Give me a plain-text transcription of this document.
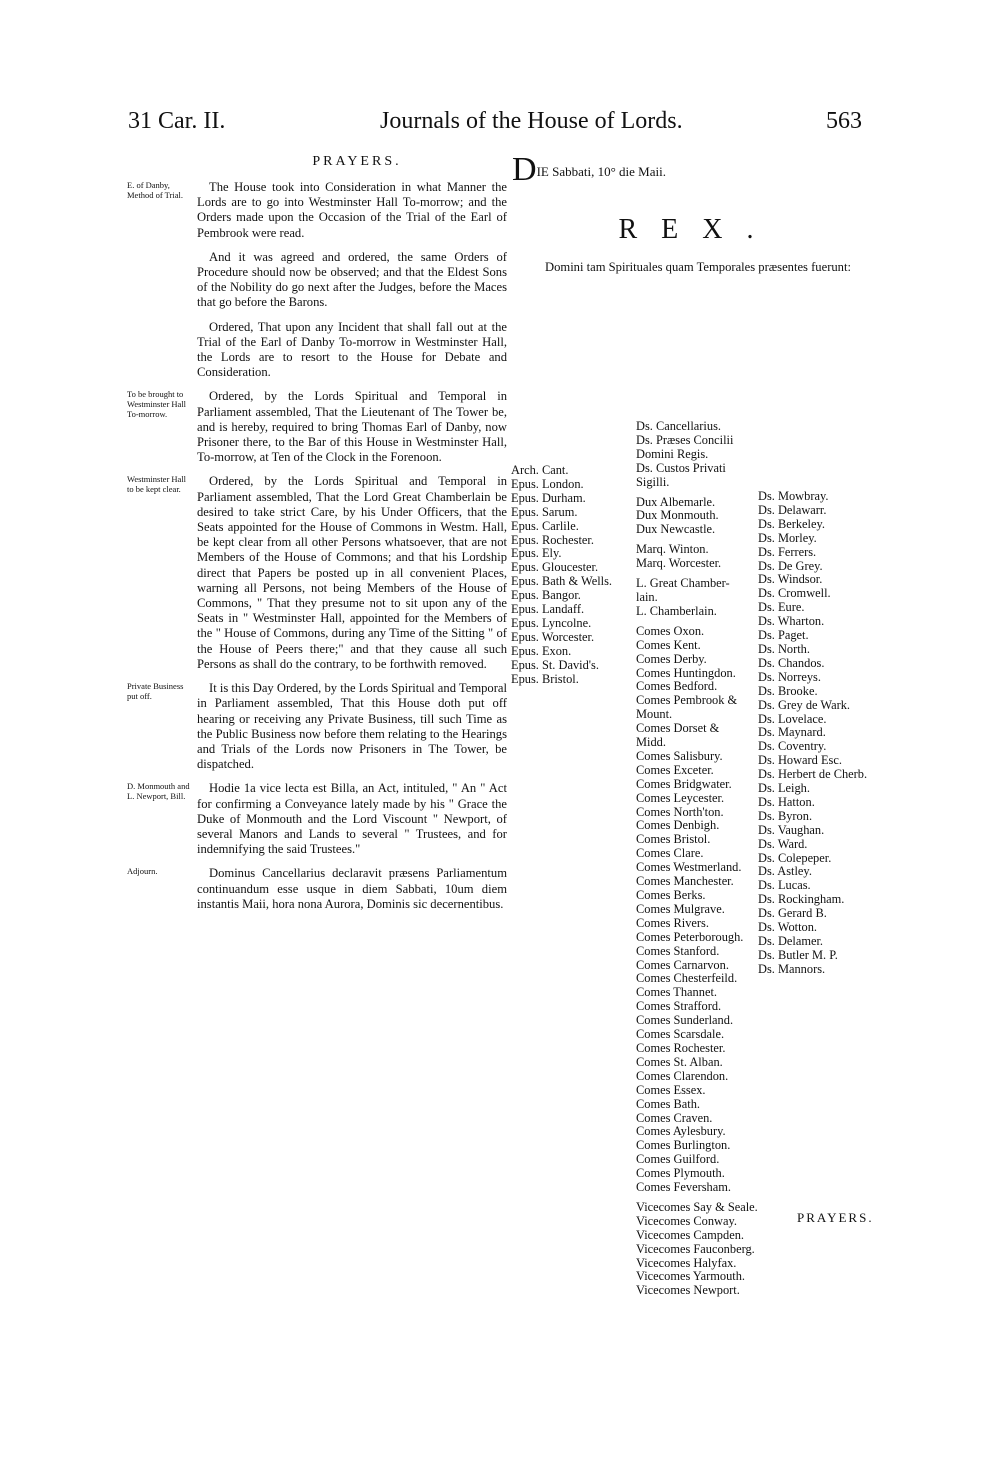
31 Car. II.	Journals of the House of Lords.	563
PRAYERS.
E. of Danby, Method of Trial.
The House took into Consideration in what Manner the Lords are to go into Westminster Hall To-morrow; and the Orders made upon the Occasion of the Trial of the Earl of Pembrook were read.
And it was agreed and ordered, the same Orders of Procedure should now be observed; and that the Eldest Sons of the Nobility do go next after the Judges, before the Maces that go before the Barons.
Ordered, That upon any Incident that shall fall out at the Trial of the Earl of Danby To-morrow in Westminster Hall, the Lords are to resort to the House for Debate and Consideration.
To be brought to Westminster Hall To-morrow.
Ordered, by the Lords Spiritual and Temporal in Parliament assembled, That the Lieutenant of The Tower be, and is hereby, required to bring Thomas Earl of Danby, now Prisoner there, to the Bar of this House in Westminster Hall, To-morrow, at Ten of the Clock in the Forenoon.
Westminster Hall to be kept clear.
Ordered, by the Lords Spiritual and Temporal in Parliament assembled, That the Lord Great Chamberlain be desired to take strict Care, by his Under Officers, that the Seats appointed for the House of Commons in Westm. Hall, be kept clear from all other Persons whatsoever, that are not Members of the House of Commons; and that his Lordship direct that Papers be posted up in all convenient Places, warning all Persons, not being Members of the House of Commons, " That they presume not to sit upon any of the Seats in " Westminster Hall, appointed for the Members of the " House of Commons, during any Time of the Sitting " of the House of Peers there;" and that they cause all such Persons as shall do the contrary, to be forthwith removed.
Private Business put off.
It is this Day Ordered, by the Lords Spiritual and Temporal in Parliament assembled, That this House doth put off hearing or receiving any Private Business, till such Time as the Public Business now before them relating to the Hearings and Trials of the Lords now Prisoners in The Tower, be dispatched.
D. Monmouth and L. Newport, Bill.
Hodie 1a vice lecta est Billa, an Act, intituled, " An " Act for confirming a Conveyance lately made by his " Grace the Duke of Monmouth and the Lord Viscount " Newport, of several Manors and Lands to several " Trustees, and for indemnifying the said Trustees."
Adjourn.	Dominus Cancellarius declaravit præsens Parliamentum continuandum esse usque in diem Sabbati, 10um diem instantis Maii, hora nona Aurora, Dominis sic decernentibus.
DIE Sabbati, 10° die Maii.
REX.
Domini tam Spirituales quam Temporales præsentes fuerunt:
Arch. Cant.
Epus. London.
Epus. Durham.
Epus. Sarum.
Epus. Carlile.
Epus. Rochester.
Epus. Ely.
Epus. Gloucester.
Epus. Bath & Wells.
Epus. Bangor.
Epus. Landaff.
Epus. Lyncolne.
Epus. Worcester.
Epus. Exon.
Epus. St. David's.
Epus. Bristol.
Ds. Cancellarius.
Ds. Præses Concilii
Domini Regis.
Ds. Custos Privati
Sigilli.
Dux Albemarle.
Dux Monmouth.
Dux Newcastle.
Marq. Winton.
Marq. Worcester.
L. Great Chamber-
lain.
L. Chamberlain.
Comes Oxon.
Comes Kent.
Comes Derby.
Comes Huntingdon.
Comes Bedford.
Comes Pembrook &
Mount.
Comes Dorset &
Midd.
Comes Salisbury.
Comes Exceter.
Comes Bridgwater.
Comes Leycester.
Comes North'ton.
Comes Denbigh.
Comes Bristol.
Comes Clare.
Comes Westmerland.
Comes Manchester.
Comes Berks.
Comes Mulgrave.
Comes Rivers.
Comes Peterborough.
Comes Stanford.
Comes Carnarvon.
Comes Chesterfeild.
Comes Thannet.
Comes Strafford.
Comes Sunderland.
Comes Scarsdale.
Comes Rochester.
Comes St. Alban.
Comes Clarendon.
Comes Essex.
Comes Bath.
Comes Craven.
Comes Aylesbury.
Comes Burlington.
Comes Guilford.
Comes Plymouth.
Comes Feversham.
Vicecomes Say & Seale.
Vicecomes Conway.
Vicecomes Campden.
Vicecomes Fauconberg.
Vicecomes Halyfax.
Vicecomes Yarmouth.
Vicecomes Newport.
Ds. Mowbray.
Ds. Delawarr.
Ds. Berkeley.
Ds. Morley.
Ds. Ferrers.
Ds. De Grey.
Ds. Windsor.
Ds. Cromwell.
Ds. Eure.
Ds. Wharton.
Ds. Paget.
Ds. North.
Ds. Chandos.
Ds. Norreys.
Ds. Brooke.
Ds. Grey de Wark.
Ds. Lovelace.
Ds. Maynard.
Ds. Coventry.
Ds. Howard Esc.
Ds. Herbert de Cherb.
Ds. Leigh.
Ds. Hatton.
Ds. Byron.
Ds. Vaughan.
Ds. Ward.
Ds. Colepeper.
Ds. Astley.
Ds. Lucas.
Ds. Rockingham.
Ds. Gerard B.
Ds. Wotton.
Ds. Delamer.
Ds. Butler M. P.
Ds. Mannors.
PRAYERS.
